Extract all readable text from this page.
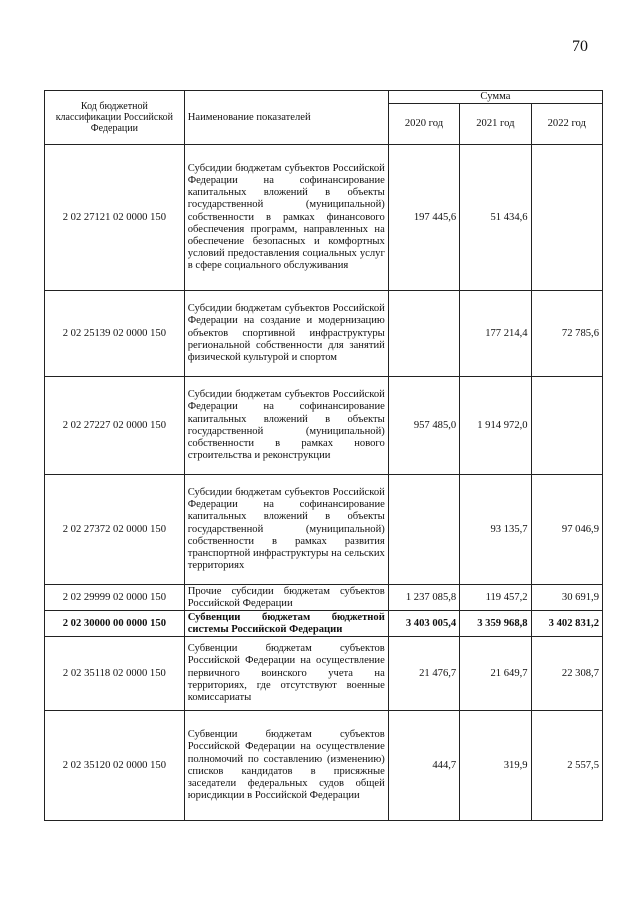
70
Код бюджетной классификации Российской Федерации	Наименование показателей	Сумма		
		2020 год	2021 год	2022 год
2 02 27121 02 0000 150	Субсидии бюджетам субъектов Российской Федерации на софинансирование капитальных вложений в объекты государственной (муниципальной) собственности в рамках финансового обеспечения программ, направленных на обеспечение безопасных и комфортных условий предоставления социальных услуг в сфере социального обслуживания	197 445,6	51 434,6	
2 02 25139 02 0000 150	Субсидии бюджетам субъектов Российской Федерации на создание и модернизацию объектов спортивной инфраструктуры региональной собственности для занятий физической культурой и спортом		177 214,4	72 785,6
2 02 27227 02 0000 150	Субсидии бюджетам субъектов Российской Федерации на софинансирование капитальных вложений в объекты государственной (муниципальной) собственности в рамках нового строительства и реконструкции	957 485,0	1 914 972,0	
2 02 27372 02 0000 150	Субсидии бюджетам субъектов Российской Федерации на софинансирование капитальных вложений в объекты государственной (муниципальной) собственности в рамках развития транспортной инфраструктуры на сельских территориях		93 135,7	97 046,9
2 02 29999 02 0000 150	Прочие субсидии бюджетам субъектов Российской Федерации	1 237 085,8	119 457,2	30 691,9
2 02 30000 00 0000 150	Субвенции бюджетам бюджетной системы Российской Федерации	3 403 005,4	3 359 968,8	3 402 831,2
2 02 35118 02 0000 150	Субвенции бюджетам субъектов Российской Федерации на осуществление первичного воинского учета на территориях, где отсутствуют военные комиссариаты	21 476,7	21 649,7	22 308,7
2 02 35120 02 0000 150	Субвенции бюджетам субъектов Российской Федерации на осуществление полномочий по составлению (изменению) списков кандидатов в присяжные заседатели федеральных судов общей юрисдикции в Российской Федерации	444,7	319,9	2 557,5
